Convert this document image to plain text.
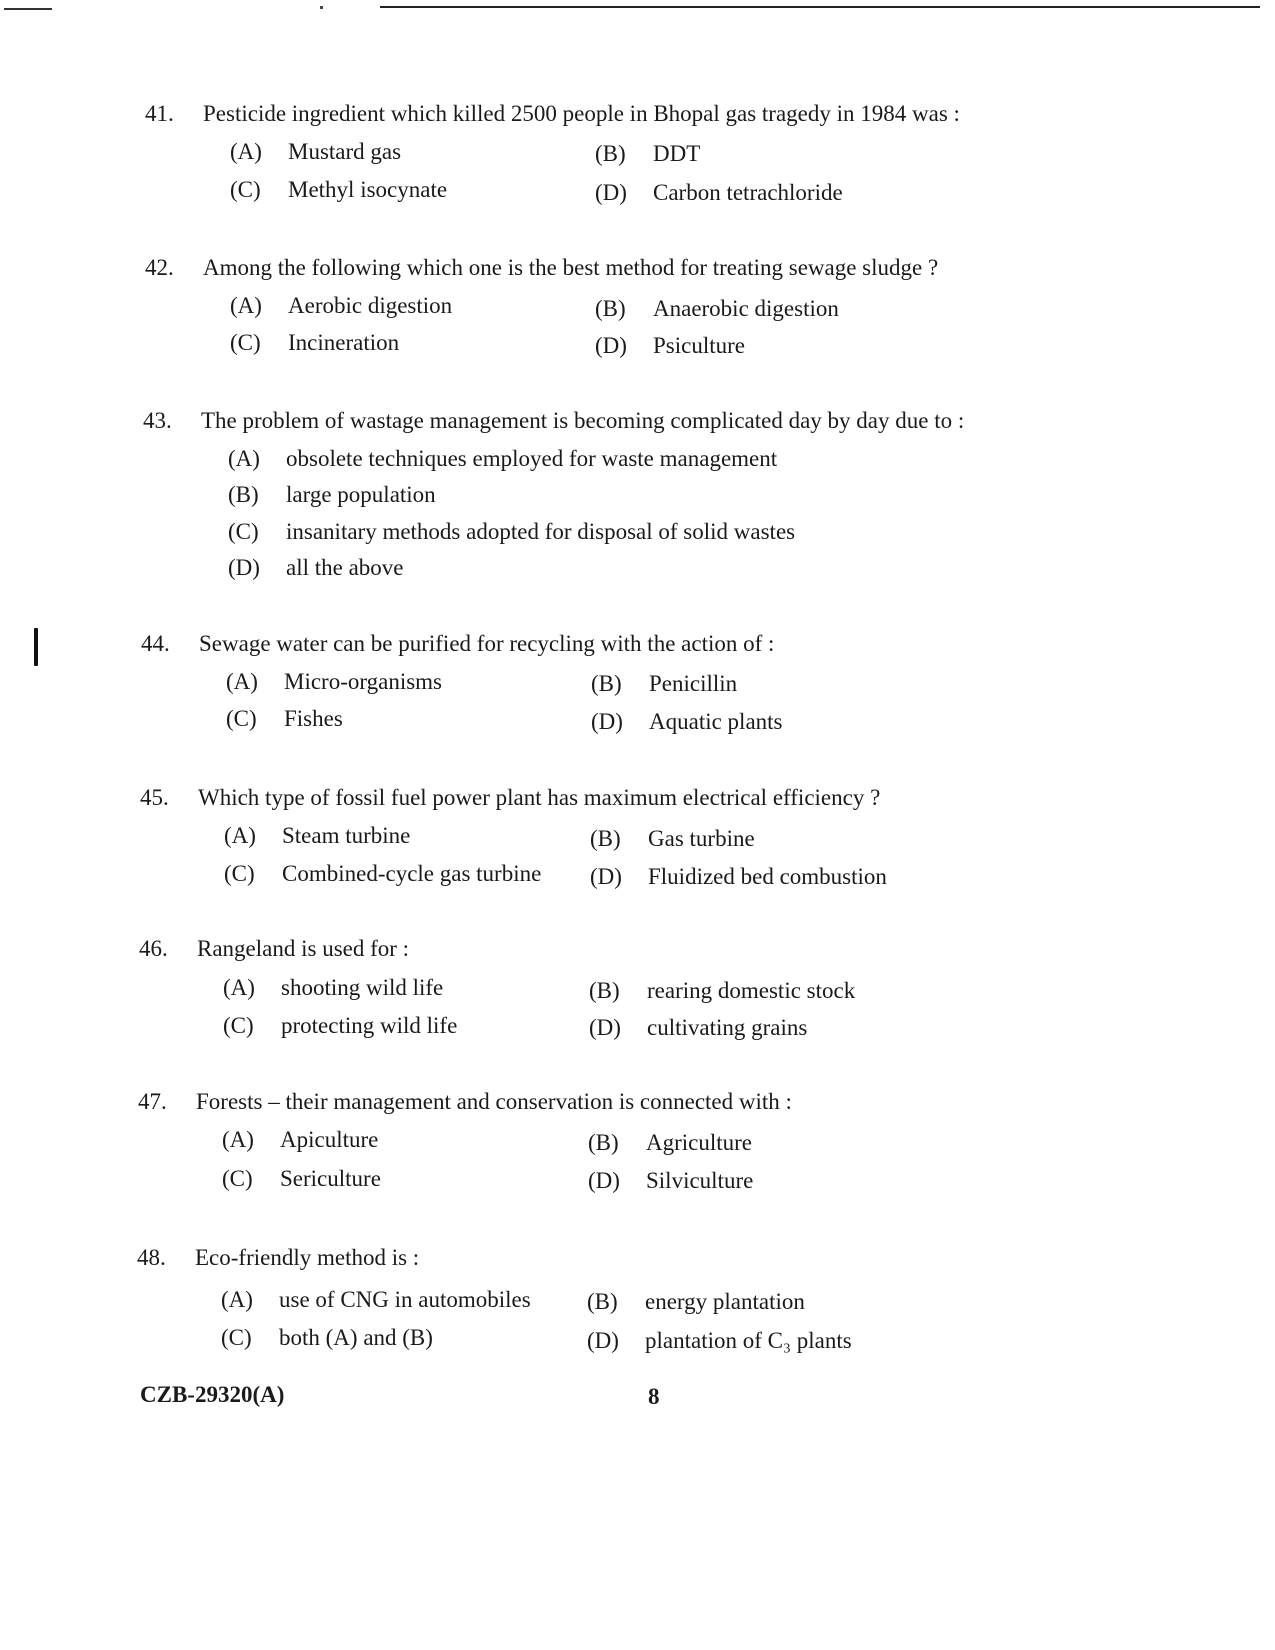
41.	Pesticide ingredient which killed 2500 people in Bhopal gas tragedy in 1984 was :
(A)	Mustard gas	(B)	DDT
(C)	Methyl isocynate	(D)	Carbon tetrachloride
42.	Among the following which one is the best method for treating sewage sludge ?
(A)	Aerobic digestion	(B)	Anaerobic digestion
(C)	Incineration	(D)	Psiculture
43.	The problem of wastage management is becoming complicated day by day due to :
(A)	obsolete techniques employed for waste management
(B)	large population
(C)	insanitary methods adopted for disposal of solid wastes
(D)	all the above
44.	Sewage water can be purified for recycling with the action of :
(A)	Micro-organisms	(B)	Penicillin
(C)	Fishes	(D)	Aquatic plants
45.	Which type of fossil fuel power plant has maximum electrical efficiency ?
(A)	Steam turbine	(B)	Gas turbine
(C)	Combined-cycle gas turbine (D)	Fluidized bed combustion
46.	Rangeland is used for :
(A)	shooting wild life	(B)	rearing domestic stock
(C)	protecting wild life	(D)	cultivating grains
47.	Forests – their management and conservation is connected with :
(A)	Apiculture	(B)	Agriculture
(C)	Sericulture	(D)	Silviculture
48.	Eco-friendly method is :
(A)	use of CNG in automobiles (B)	energy plantation
(C)	both (A) and (B)	(D)	plantation of C₃ plants
CZB-29320(A)	8
